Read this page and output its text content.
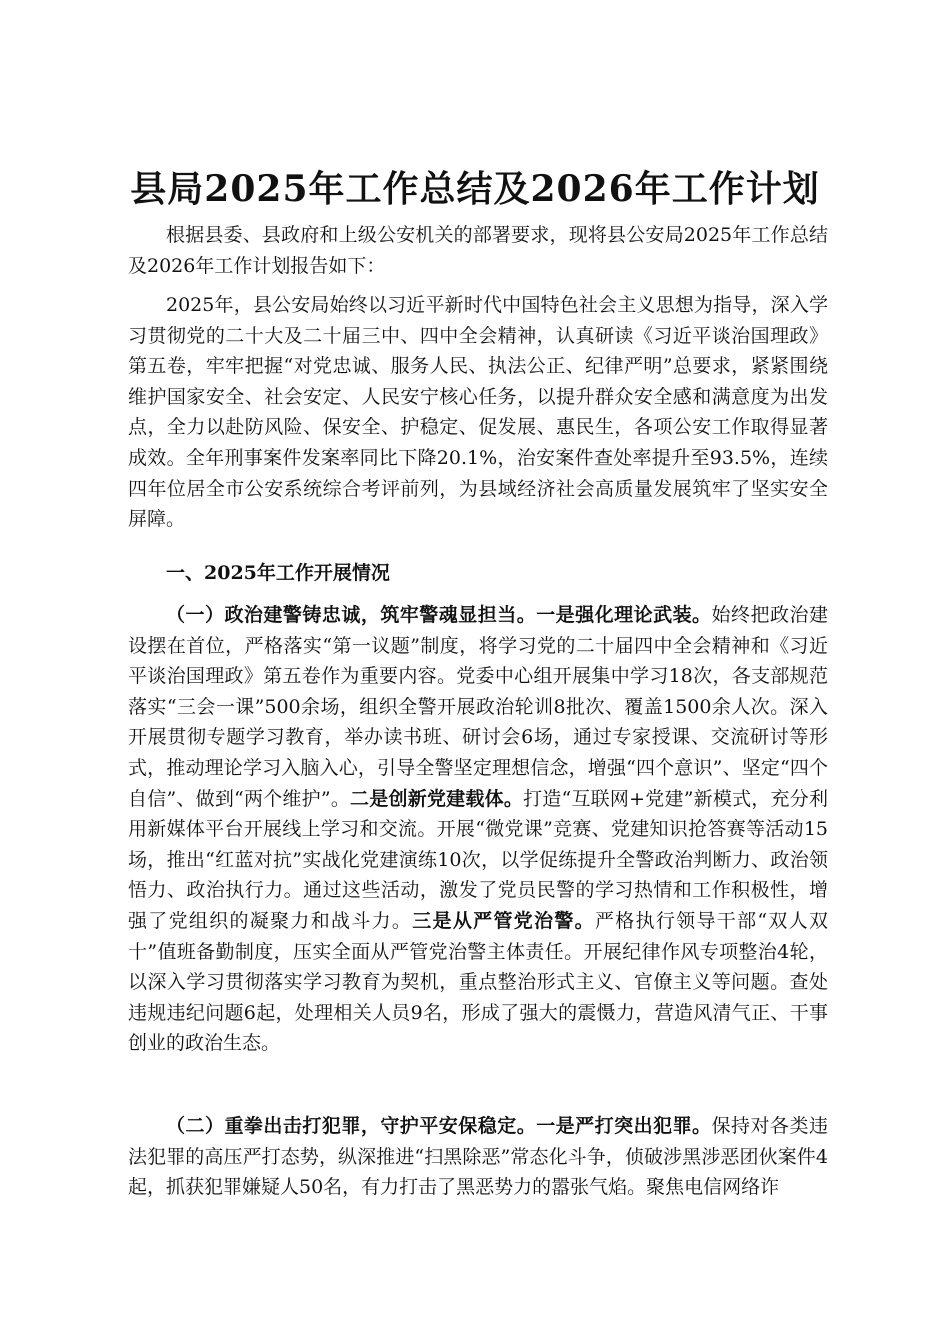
县局2025年工作总结及2026年工作计划

根据县委、县政府和上级公安机关的部署要求，现将县公安局2025年工作总结及2026年工作计划报告如下：

2025年，县公安局始终以习近平新时代中国特色社会主义思想为指导，深入学习贯彻党的二十大及二十届三中、四中全会精神，认真研读《习近平谈治国理政》第五卷，牢牢把握“对党忠诚、服务人民、执法公正、纪律严明”总要求，紧紧围绕维护国家安全、社会安定、人民安宁核心任务，以提升群众安全感和满意度为出发点，全力以赴防风险、保安全、护稳定、促发展、惠民生，各项公安工作取得显著成效。全年刑事案件发案率同比下降20.1%，治安案件查处率提升至93.5%，连续四年位居全市公安系统综合考评前列，为县域经济社会高质量发展筑牢了坚实安全屏障。

一、2025年工作开展情况

（一）政治建警铸忠诚，筑牢警魂显担当。一是强化理论武装。始终把政治建设摆在首位，严格落实“第一议题”制度，将学习党的二十届四中全会精神和《习近平谈治国理政》第五卷作为重要内容。党委中心组开展集中学习18次，各支部规范落实“三会一课”500余场，组织全警开展政治轮训8批次、覆盖1500余人次。深入开展贯彻专题学习教育，举办读书班、研讨会6场，通过专家授课、交流研讨等形式，推动理论学习入脑入心，引导全警坚定理想信念，增强“四个意识”、坚定“四个自信”、做到“两个维护”。二是创新党建载体。打造“互联网+党建”新模式，充分利用新媒体平台开展线上学习和交流。开展“微党课”竞赛、党建知识抢答赛等活动15场，推出“红蓝对抗”实战化党建演练10次，以学促练提升全警政治判断力、政治领悟力、政治执行力。通过这些活动，激发了党员民警的学习热情和工作积极性，增强了党组织的凝聚力和战斗力。三是从严管党治警。严格执行领导干部“双人双十”值班备勤制度，压实全面从严管党治警主体责任。开展纪律作风专项整治4轮，以深入学习贯彻落实学习教育为契机，重点整治形式主义、官僚主义等问题。查处违规违纪问题6起，处理相关人员9名，形成了强大的震慑力，营造风清气正、干事创业的政治生态。

（二）重拳出击打犯罪，守护平安保稳定。一是严打突出犯罪。保持对各类违法犯罪的高压严打态势，纵深推进“扫黑除恶”常态化斗争，侦破涉黑涉恶团伙案件4起，抓获犯罪嫌疑人50名，有力打击了黑恶势力的嚣张气焰。聚焦电信网络诈
